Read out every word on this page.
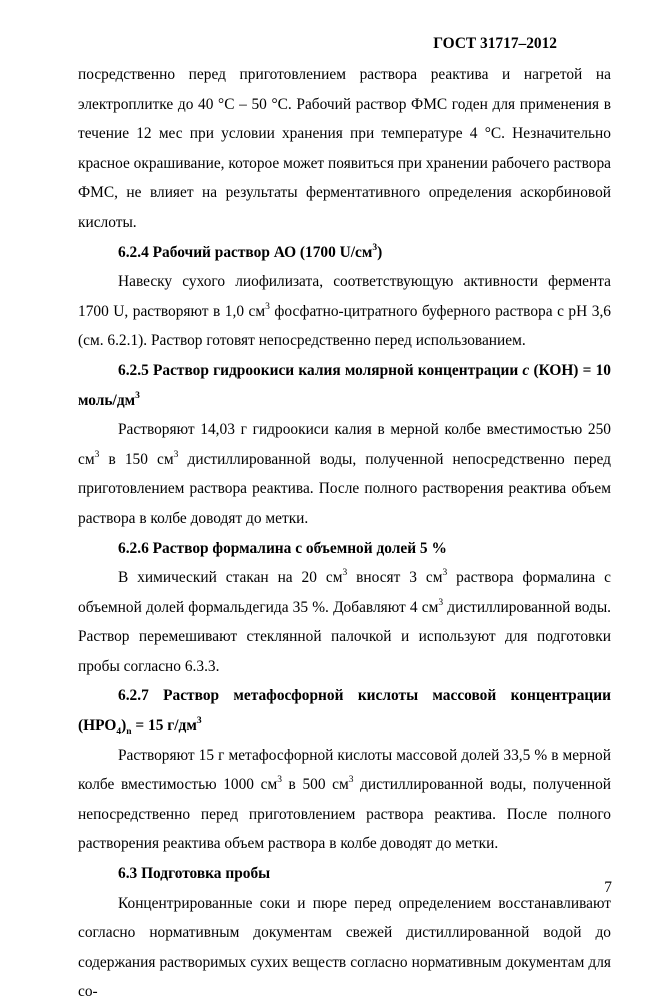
ГОСТ 31717–2012

посредственно перед приготовлением раствора реактива и нагретой на электроплитке до 40 °С – 50 °С. Рабочий раствор ФМС годен для применения в течение 12 мес при условии хранения при температуре 4 °С. Незначительно красное окрашивание, которое может появиться при хранении рабочего раствора ФМС, не влияет на результаты ферментативного определения аскорбиновой кислоты.

6.2.4 Рабочий раствор АО (1700 $U/см^3$)

Навеску сухого лиофилизата, соответствующую активности фермента 1700 U, растворяют в 1,0 $см^3$ фосфатно-цитратного буферного раствора с рН 3,6 (см. 6.2.1). Раствор готовят непосредственно перед использованием.

6.2.5 Раствор гидроокиси калия молярной концентрации с (КОН) = 10 моль/$дм^3$

Растворяют 14,03 г гидроокиси калия в мерной колбе вместимостью 250 $см^3$ в 150 $см^3$ дистиллированной воды, полученной непосредственно перед приготовлением раствора реактива. После полного растворения реактива объем раствора в колбе доводят до метки.

6.2.6 Раствор формалина с объемной долей 5 %

В химический стакан на 20 $см^3$ вносят 3 $см^3$ раствора формалина с объемной долей формальдегида 35 %. Добавляют 4 $см^3$ дистиллированной воды. Раствор перемешивают стеклянной палочкой и используют для подготовки пробы согласно 6.3.3.

6.2.7 Раствор метафосфорной кислоты массовой концентрации $(НРО_4)_n = 15$ $г/дм^3$

Растворяют 15 г метафосфорной кислоты массовой долей 33,5 % в мерной колбе вместимостью 1000 $см^3$ в 500 $см^3$ дистиллированной воды, полученной непосредственно перед приготовлением раствора реактива. После полного растворения реактива объем раствора в колбе доводят до метки.

6.3 Подготовка пробы

Концентрированные соки и пюре перед определением восстанавливают согласно нормативным документам свежей дистиллированной водой до содержания растворимых сухих веществ согласно нормативным документам для со-

7
